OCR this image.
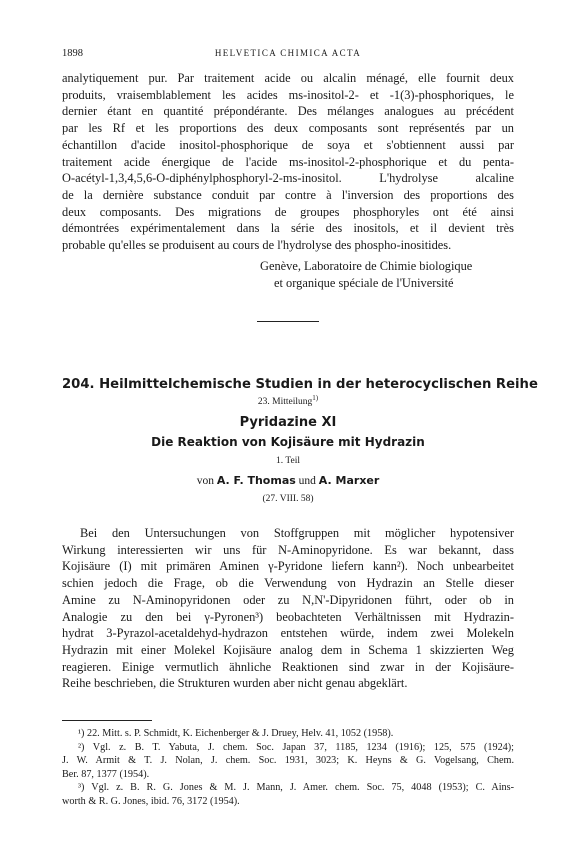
1898	HELVETICA CHIMICA ACTA
analytiquement pur. Par traitement acide ou alcalin ménagé, elle fournit deux
produits, vraisemblablement les acides ms-inositol-2- et -1(3)-phosphoriques, le
dernier étant en quantité prépondérante. Des mélanges analogues au précédent
par les Rf et les proportions des deux composants sont représentés par un
échantillon d'acide inositol-phosphorique de soya et s'obtiennent aussi par
traitement acide énergique de l'acide ms-inositol-2-phosphorique et du penta-
O-acétyl-1,3,4,5,6-O-diphénylphosphoryl-2-ms-inositol. L'hydrolyse alcaline
de la dernière substance conduit par contre à l'inversion des proportions des
deux composants. Des migrations de groupes phosphoryles ont été ainsi
démontrées expérimentalement dans la série des inositols, et il devient très
probable qu'elles se produisent au cours de l'hydrolyse des phospho-inositides.
Genève, Laboratoire de Chimie biologique
et organique spéciale de l'Université
204. Heilmittelchemische Studien in der heterocyclischen Reihe
23. Mitteilung$^{1)}$
Pyridazine XI
Die Reaktion von Kojisäure mit Hydrazin
1. Teil
von A. F. Thomas und A. Marxer
(27. VIII. 58)
Bei den Untersuchungen von Stoffgruppen mit möglicher hypotensiver
Wirkung interessierten wir uns für N-Aminopyridone. Es war bekannt, dass
Kojisäure (I) mit primären Aminen γ-Pyridone liefern kann²). Noch unbearbeitet
schien jedoch die Frage, ob die Verwendung von Hydrazin an Stelle dieser
Amine zu N-Aminopyridonen oder zu N,N'-Dipyridonen führt, oder ob in
Analogie zu den bei γ-Pyronen³) beobachteten Verhältnissen mit Hydrazin-
hydrat 3-Pyrazol-acetaldehyd-hydrazon entstehen würde, indem zwei Molekeln
Hydrazin mit einer Molekel Kojisäure analog dem in Schema 1 skizzierten Weg
reagieren. Einige vermutlich ähnliche Reaktionen sind zwar in der Kojisäure-
Reihe beschrieben, die Strukturen wurden aber nicht genau abgeklärt.
¹) 22. Mitt. s. P. Schmidt, K. Eichenberger & J. Druey, Helv. 41, 1052 (1958).
²) Vgl. z. B. T. Yabuta, J. chem. Soc. Japan 37, 1185, 1234 (1916); 125, 575 (1924);
J. W. Armit & T. J. Nolan, J. chem. Soc. 1931, 3023; K. Heyns & G. Vogelsang, Chem.
Ber. 87, 1377 (1954).
³) Vgl. z. B. R. G. Jones & M. J. Mann, J. Amer. chem. Soc. 75, 4048 (1953); C. Ains-
worth & R. G. Jones, ibid. 76, 3172 (1954).
